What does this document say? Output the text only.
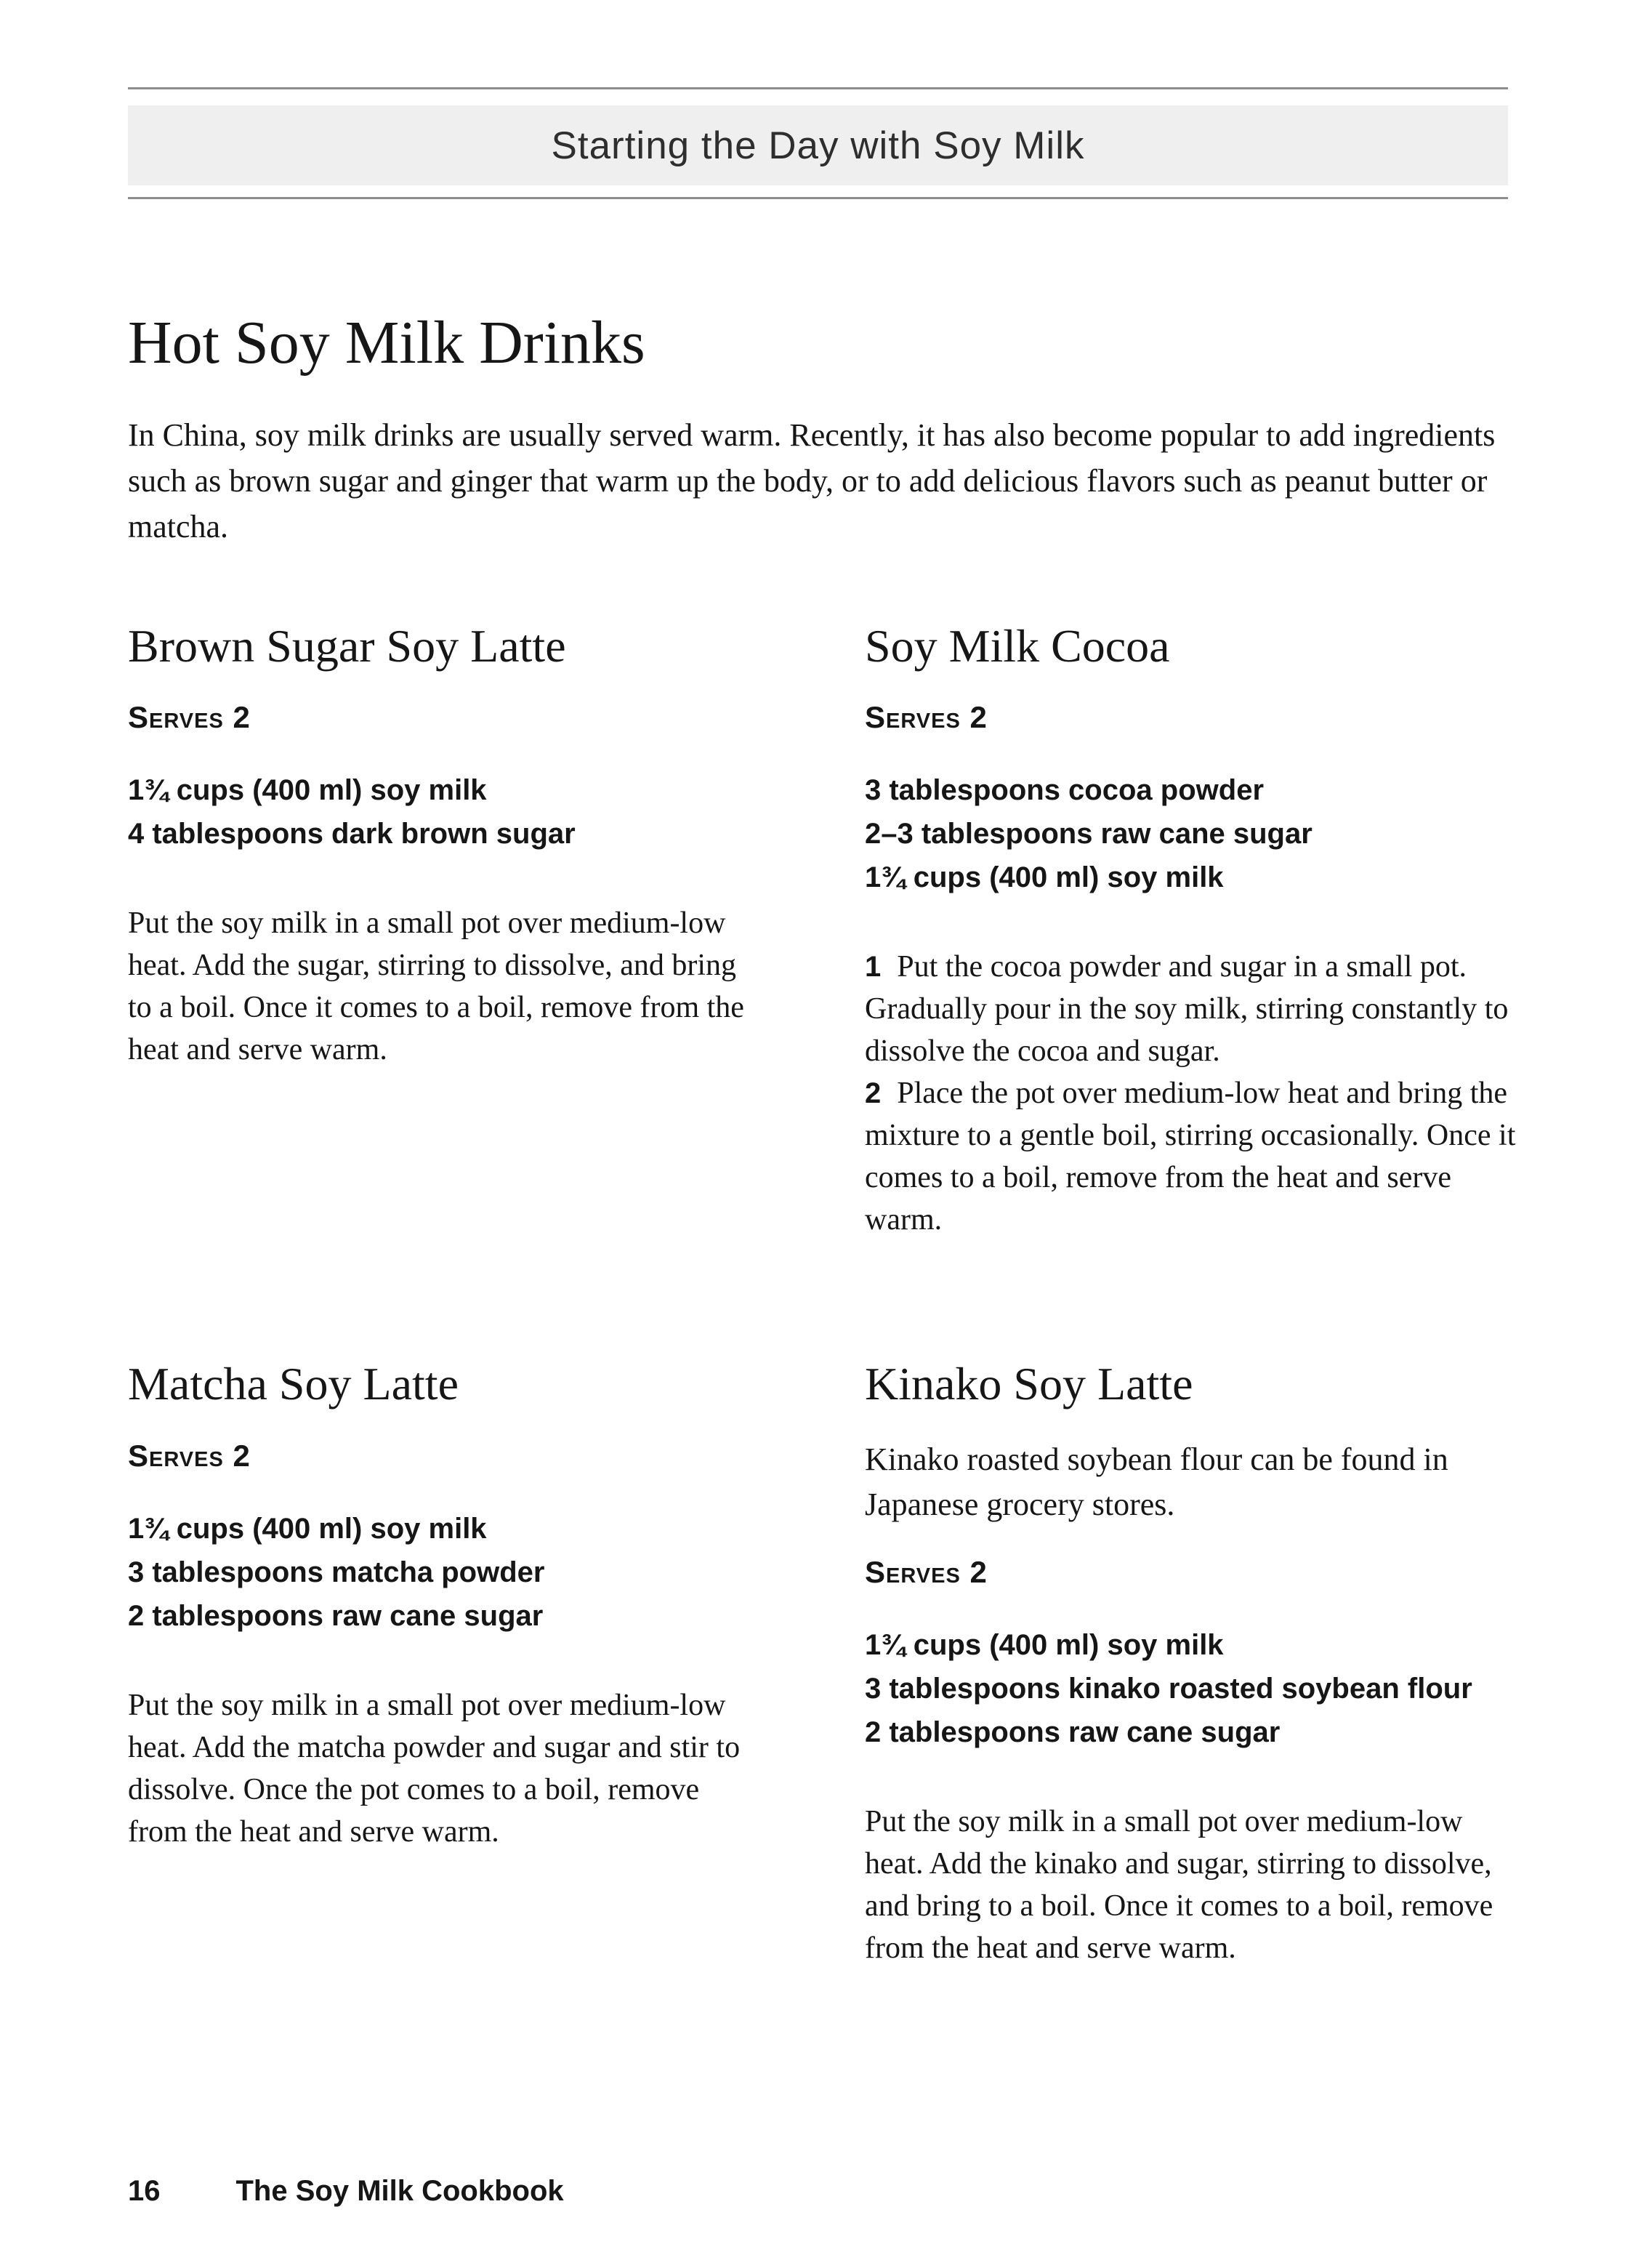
Starting the Day with Soy Milk
Hot Soy Milk Drinks

In China, soy milk drinks are usually served warm. Recently, it has also become popular to add ingredients such as brown sugar and ginger that warm up the body, or to add delicious flavors such as peanut butter or matcha.

Brown Sugar Soy Latte
Serves 2
1¾ cups (400 ml) soy milk
4 tablespoons dark brown sugar

Put the soy milk in a small pot over medium-low heat. Add the sugar, stirring to dissolve, and bring to a boil. Once it comes to a boil, remove from the heat and serve warm.

Soy Milk Cocoa
Serves 2
3 tablespoons cocoa powder
2–3 tablespoons raw cane sugar
1¾ cups (400 ml) soy milk

1 Put the cocoa powder and sugar in a small pot. Gradually pour in the soy milk, stirring constantly to dissolve the cocoa and sugar.

2 Place the pot over medium-low heat and bring the mixture to a gentle boil, stirring occasionally. Once it comes to a boil, remove from the heat and serve warm.

Matcha Soy Latte
Serves 2
1¾ cups (400 ml) soy milk
3 tablespoons matcha powder
2 tablespoons raw cane sugar

Put the soy milk in a small pot over medium-low heat. Add the matcha powder and sugar and stir to dissolve. Once the pot comes to a boil, remove from the heat and serve warm.

Kinako Soy Latte

Kinako roasted soybean flour can be found in Japanese grocery stores.

Serves 2
1¾ cups (400 ml) soy milk
3 tablespoons kinako roasted soybean flour
2 tablespoons raw cane sugar

Put the soy milk in a small pot over medium-low heat. Add the kinako and sugar, stirring to dissolve, and bring to a boil. Once it comes to a boil, remove from the heat and serve warm.

16	The Soy Milk Cookbook
